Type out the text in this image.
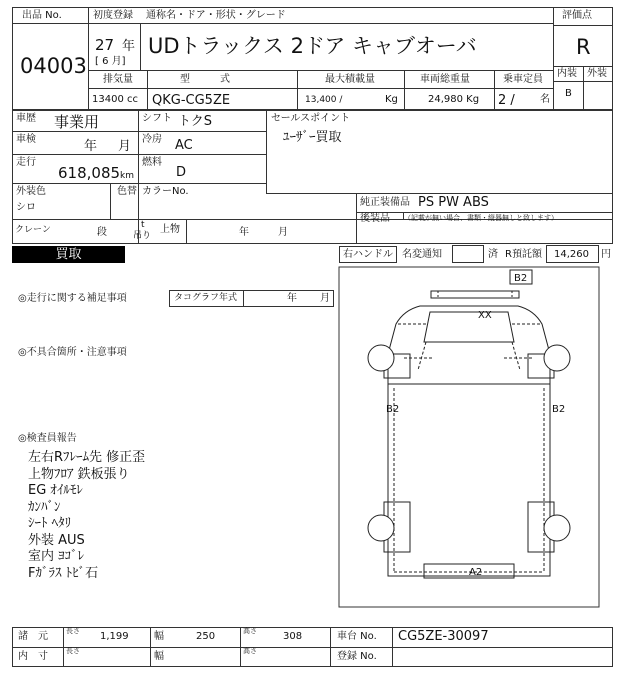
出品 No.
04003
初度登録
27 年
[ 6 月]
通称名・ドア・形状・グレード
UDトラックス 2ドア キャブオーバ
評価点
R
内装 外装
B
排気量
13400 cc
型　　　式
QKG-CG5ZE
最大積載量
13,400 /	Kg
車両総重量
24,980 Kg
乗車定員
2 /	名
車歴 事業用
車検	年 月
走行
618,085 km
シフト トクS
冷房 AC
燃料
D
外装色
シロ
色替 カラーNo.
セールスポイント
ﾕｰｻﾞｰ買取
純正装備品 PS PW ABS
後装品 （記載が無い場合、書類・縦器無しと致します）
クレーン	段
t
吊り
上物	年	月
買取	右ハンドル 名変通知	済 R預託額 14,260 円
◎走行に関する補足事項	タコグラフ年式	年 月
◎不具合箇所・注意事項
◎検査員報告
左右Rﾌﾚｰﾑ先 修正歪
上物ﾌﾛｱ 鉄板張り
EG ｵｲﾙﾓﾚ
ｶﾝﾊﾞﾝ
ｼｰﾄ ﾍﾀﾘ
外装 AUS
室内 ﾖｺﾞﾚ
Fｶﾞﾗｽ ﾄﾋﾞ石
B2
XX
B2	B2
A2
諸　元
内　寸
長さ 1,199	幅	250	高さ	308
長さ	幅	高さ
車台 No. CG5ZE-30097
登録 No.
